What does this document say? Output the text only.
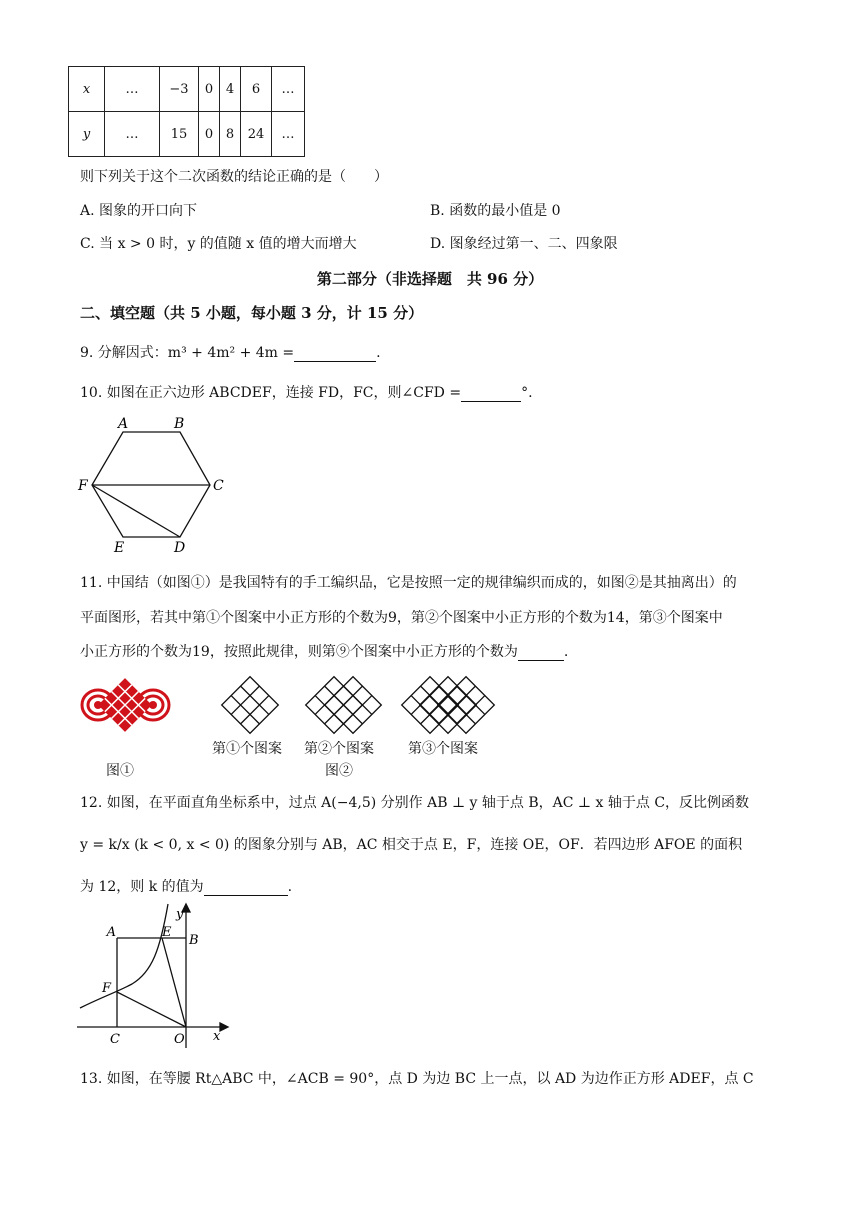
x	…	−3	0	4	6	…
y	…	15	0	8	24	…
则下列关于这个二次函数的结论正确的是（　　）
A. 图象的开口向下	B. 函数的最小值是 0
C. 当 x > 0 时，y 的值随 x 值的增大而增大	D. 图象经过第一、二、四象限
第二部分（非选择题　共 96 分）
二、填空题（共 5 小题，每小题 3 分，计 15 分）
9. 分解因式：m³ + 4m² + 4m =	.
10. 如图在正六边形 ABCDEF，连接 FD，FC，则∠CFD =	°.
A	B
C
D
E
F
11. 中国结（如图①）是我国特有的手工编织品，它是按照一定的规律编织而成的，如图②是其抽离出）的
平面图形，若其中第①个图案中小正方形的个数为9，第②个图案中小正方形的个数为14，第③个图案中
小正方形的个数为19，按照此规律，则第⑨个图案中小正方形的个数为	.
第①个图案 第②个图案 第③个图案
图①	图②
12. 如图，在平面直角坐标系中，过点 A(−4,5) 分别作 AB ⊥ y 轴于点 B，AC ⊥ x 轴于点 C，反比例函数
y = k/x (k < 0, x < 0) 的图象分别与 AB，AC 相交于点 E，F，连接 OE，OF．若四边形 AFOE 的面积
为 12，则 k 的值为	.
A	E
B
F
C	O x
y
13. 如图，在等腰 Rt△ABC 中，∠ACB = 90°，点 D 为边 BC 上一点，以 AD 为边作正方形 ADEF，点 C
